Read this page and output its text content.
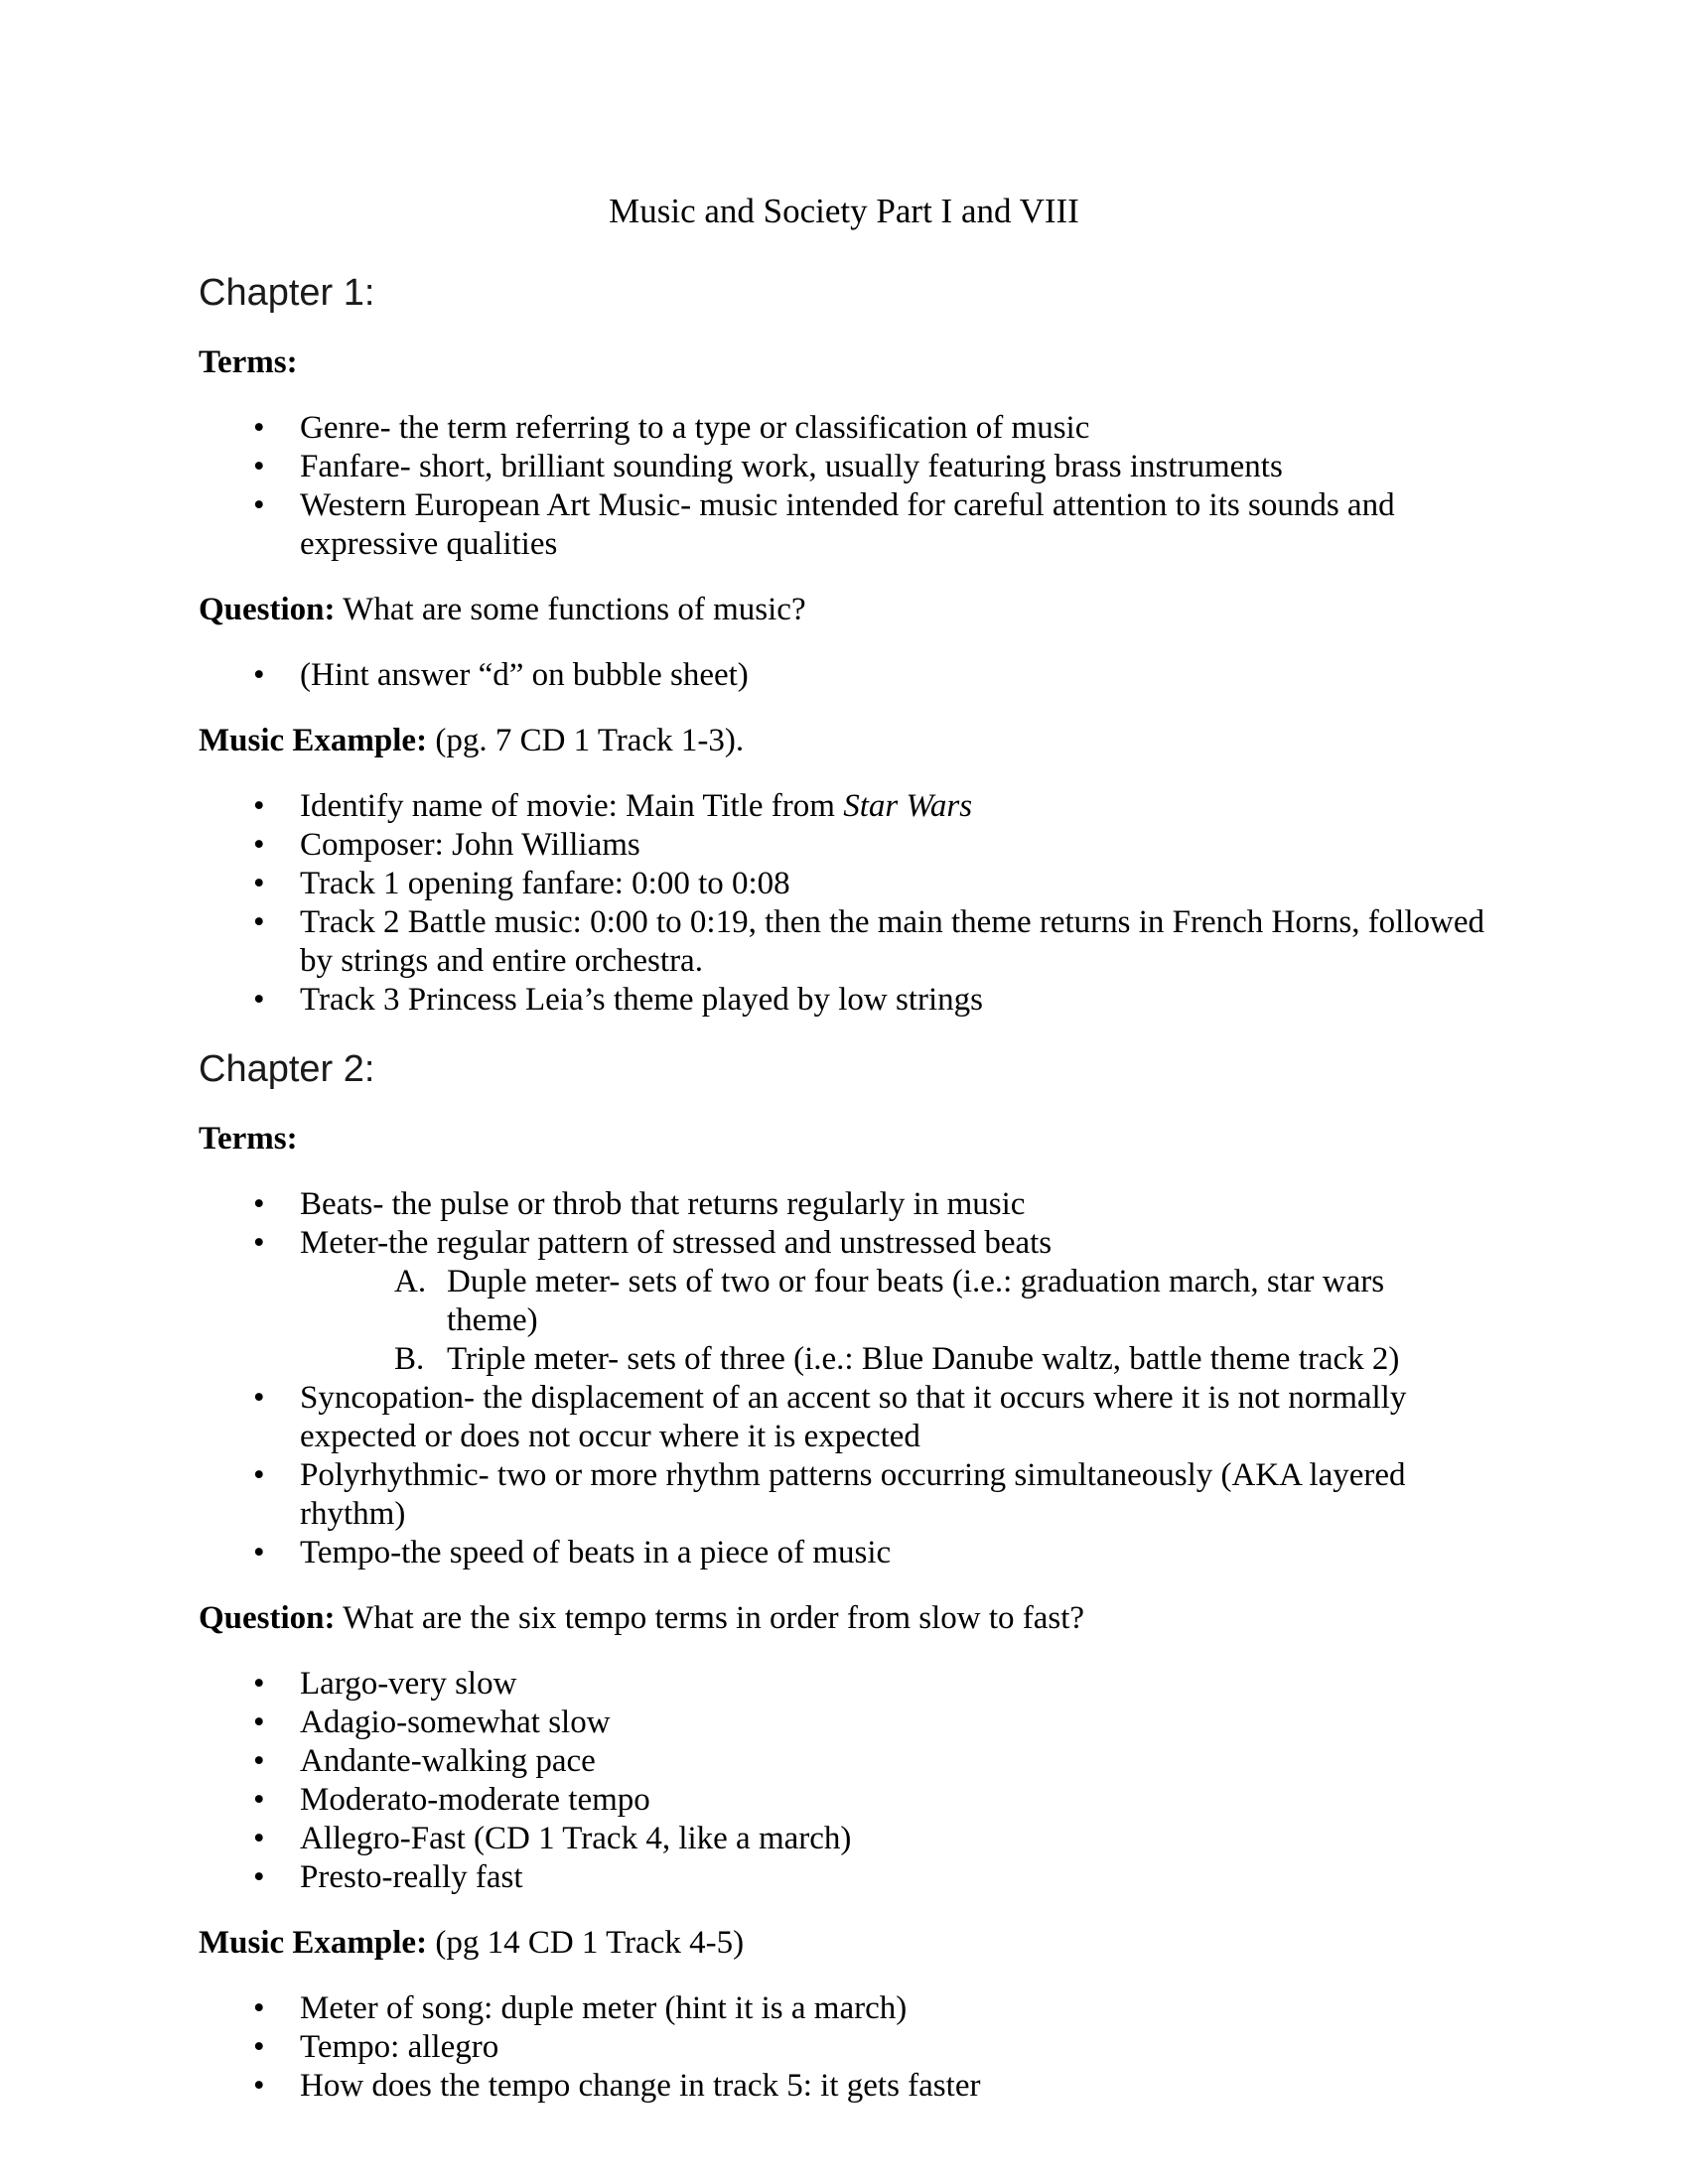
Music and Society Part I and VIII
Chapter 1:

Terms:

• Genre- the term referring to a type or classification of music
• Fanfare- short, brilliant sounding work, usually featuring brass instruments
• Western European Art Music- music intended for careful attention to its sounds and expressive qualities

Question: What are some functions of music?

• (Hint answer “d” on bubble sheet)

Music Example: (pg. 7 CD 1 Track 1-3).

• Identify name of movie: Main Title from Star Wars
• Composer: John Williams
• Track 1 opening fanfare: 0:00 to 0:08
• Track 2 Battle music: 0:00 to 0:19, then the main theme returns in French Horns, followed by strings and entire orchestra.
• Track 3 Princess Leia’s theme played by low strings
Chapter 2:

Terms:

• Beats- the pulse or throb that returns regularly in music
• Meter-the regular pattern of stressed and unstressed beats
A. Duple meter- sets of two or four beats (i.e.: graduation march, star wars  theme)
B. Triple meter- sets of three (i.e.: Blue Danube waltz, battle theme track 2)
• Syncopation- the displacement of an accent so that it occurs where it is not normally expected or does not occur where it is expected
• Polyrhythmic- two or more rhythm patterns occurring simultaneously (AKA layered rhythm)
• Tempo-the speed of beats in a piece of music

Question: What are the six tempo terms in order from slow to fast?

• Largo-very slow
• Adagio-somewhat slow
• Andante-walking pace
• Moderato-moderate tempo
• Allegro-Fast (CD 1 Track 4, like a march)
• Presto-really fast

Music Example: (pg 14 CD 1 Track 4-5)

• Meter of song: duple meter (hint it is a march)
• Tempo: allegro
• How does the tempo change in track 5: it gets faster
